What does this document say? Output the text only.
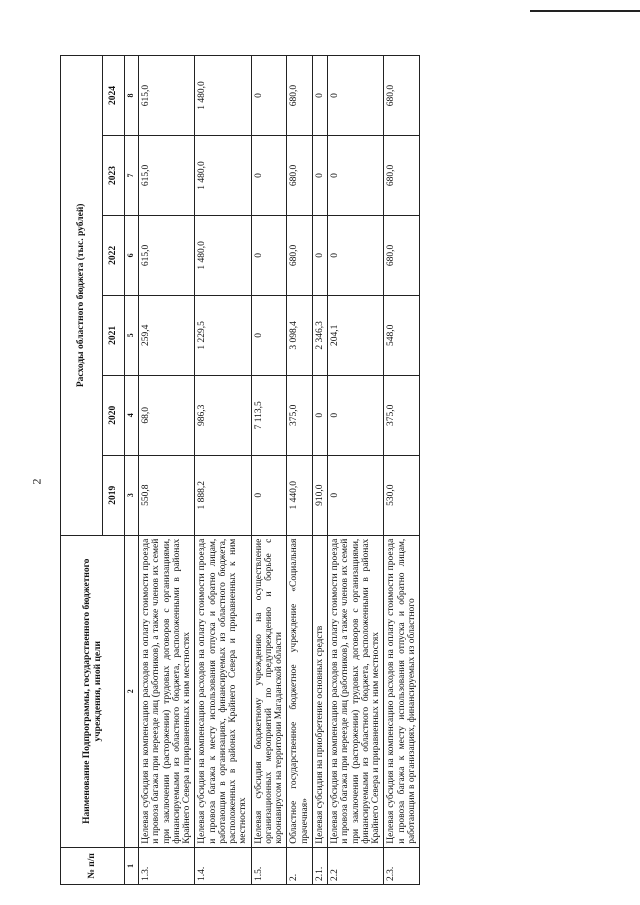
2
№ п/п	Наименование Подпрограммы, государственного бюджетного учреждения, иной цели	Расходы областного бюджета (тыс. рублей)					
		2019	2020	2021	2022	2023	2024
1	2	3	4	5	6	7	8
1.3.	Целевая субсидия на компенсацию расходов на оплату стоимости проезда и провоза багажа при переезде лиц (работников), а также членов их семей при заключении (расторжении) трудовых договоров с организациями, финансируемыми из областного бюджета, расположенными в районах Крайнего Севера и приравненных к ним местностях	550,8	68,0	259,4	615,0	615,0	615,0
1.4.	Целевая субсидия на компенсацию расходов на оплату стоимости проезда и провоза багажа к месту использования отпуска и обратно лицам, работающим в организациях, финансируемых из областного бюджета, расположенных в районах Крайнего Севера и приравненных к ним местностях	1 888,2	986,3	1 229,5	1 480,0	1 480,0	1 480,0
1.5.	Целевая субсидия бюджетному учреждению на осуществление организационных мероприятий по предупреждению и борьбе с коронавирусом на территории Магаданской области	0	7 113,5	0	0	0	0
2.	Областное государственное бюджетное учреждение «Социальная прачечная»	1 440,0	375,0	3 098,4	680,0	680,0	680,0
2.1.	Целевая субсидия на приобретение основных средств	910,0	0	2 346,3	0	0	0
2.2	Целевая субсидия на компенсацию расходов на оплату стоимости проезда и провоза багажа при переезде лиц (работников), а также членов их семей при заключении (расторжении) трудовых договоров с организациями, финансируемыми из областного бюджета, расположенными в районах Крайнего Севера и приравненных к ним местностях	0	0	204,1	0	0	0
2.3.	Целевая субсидия на компенсацию расходов на оплату стоимости проезда и провоза багажа к месту использования отпуска и обратно лицам, работающим в организациях, финансируемых из областного	530,0	375,0	548,0	680,0	680,0	680,0
